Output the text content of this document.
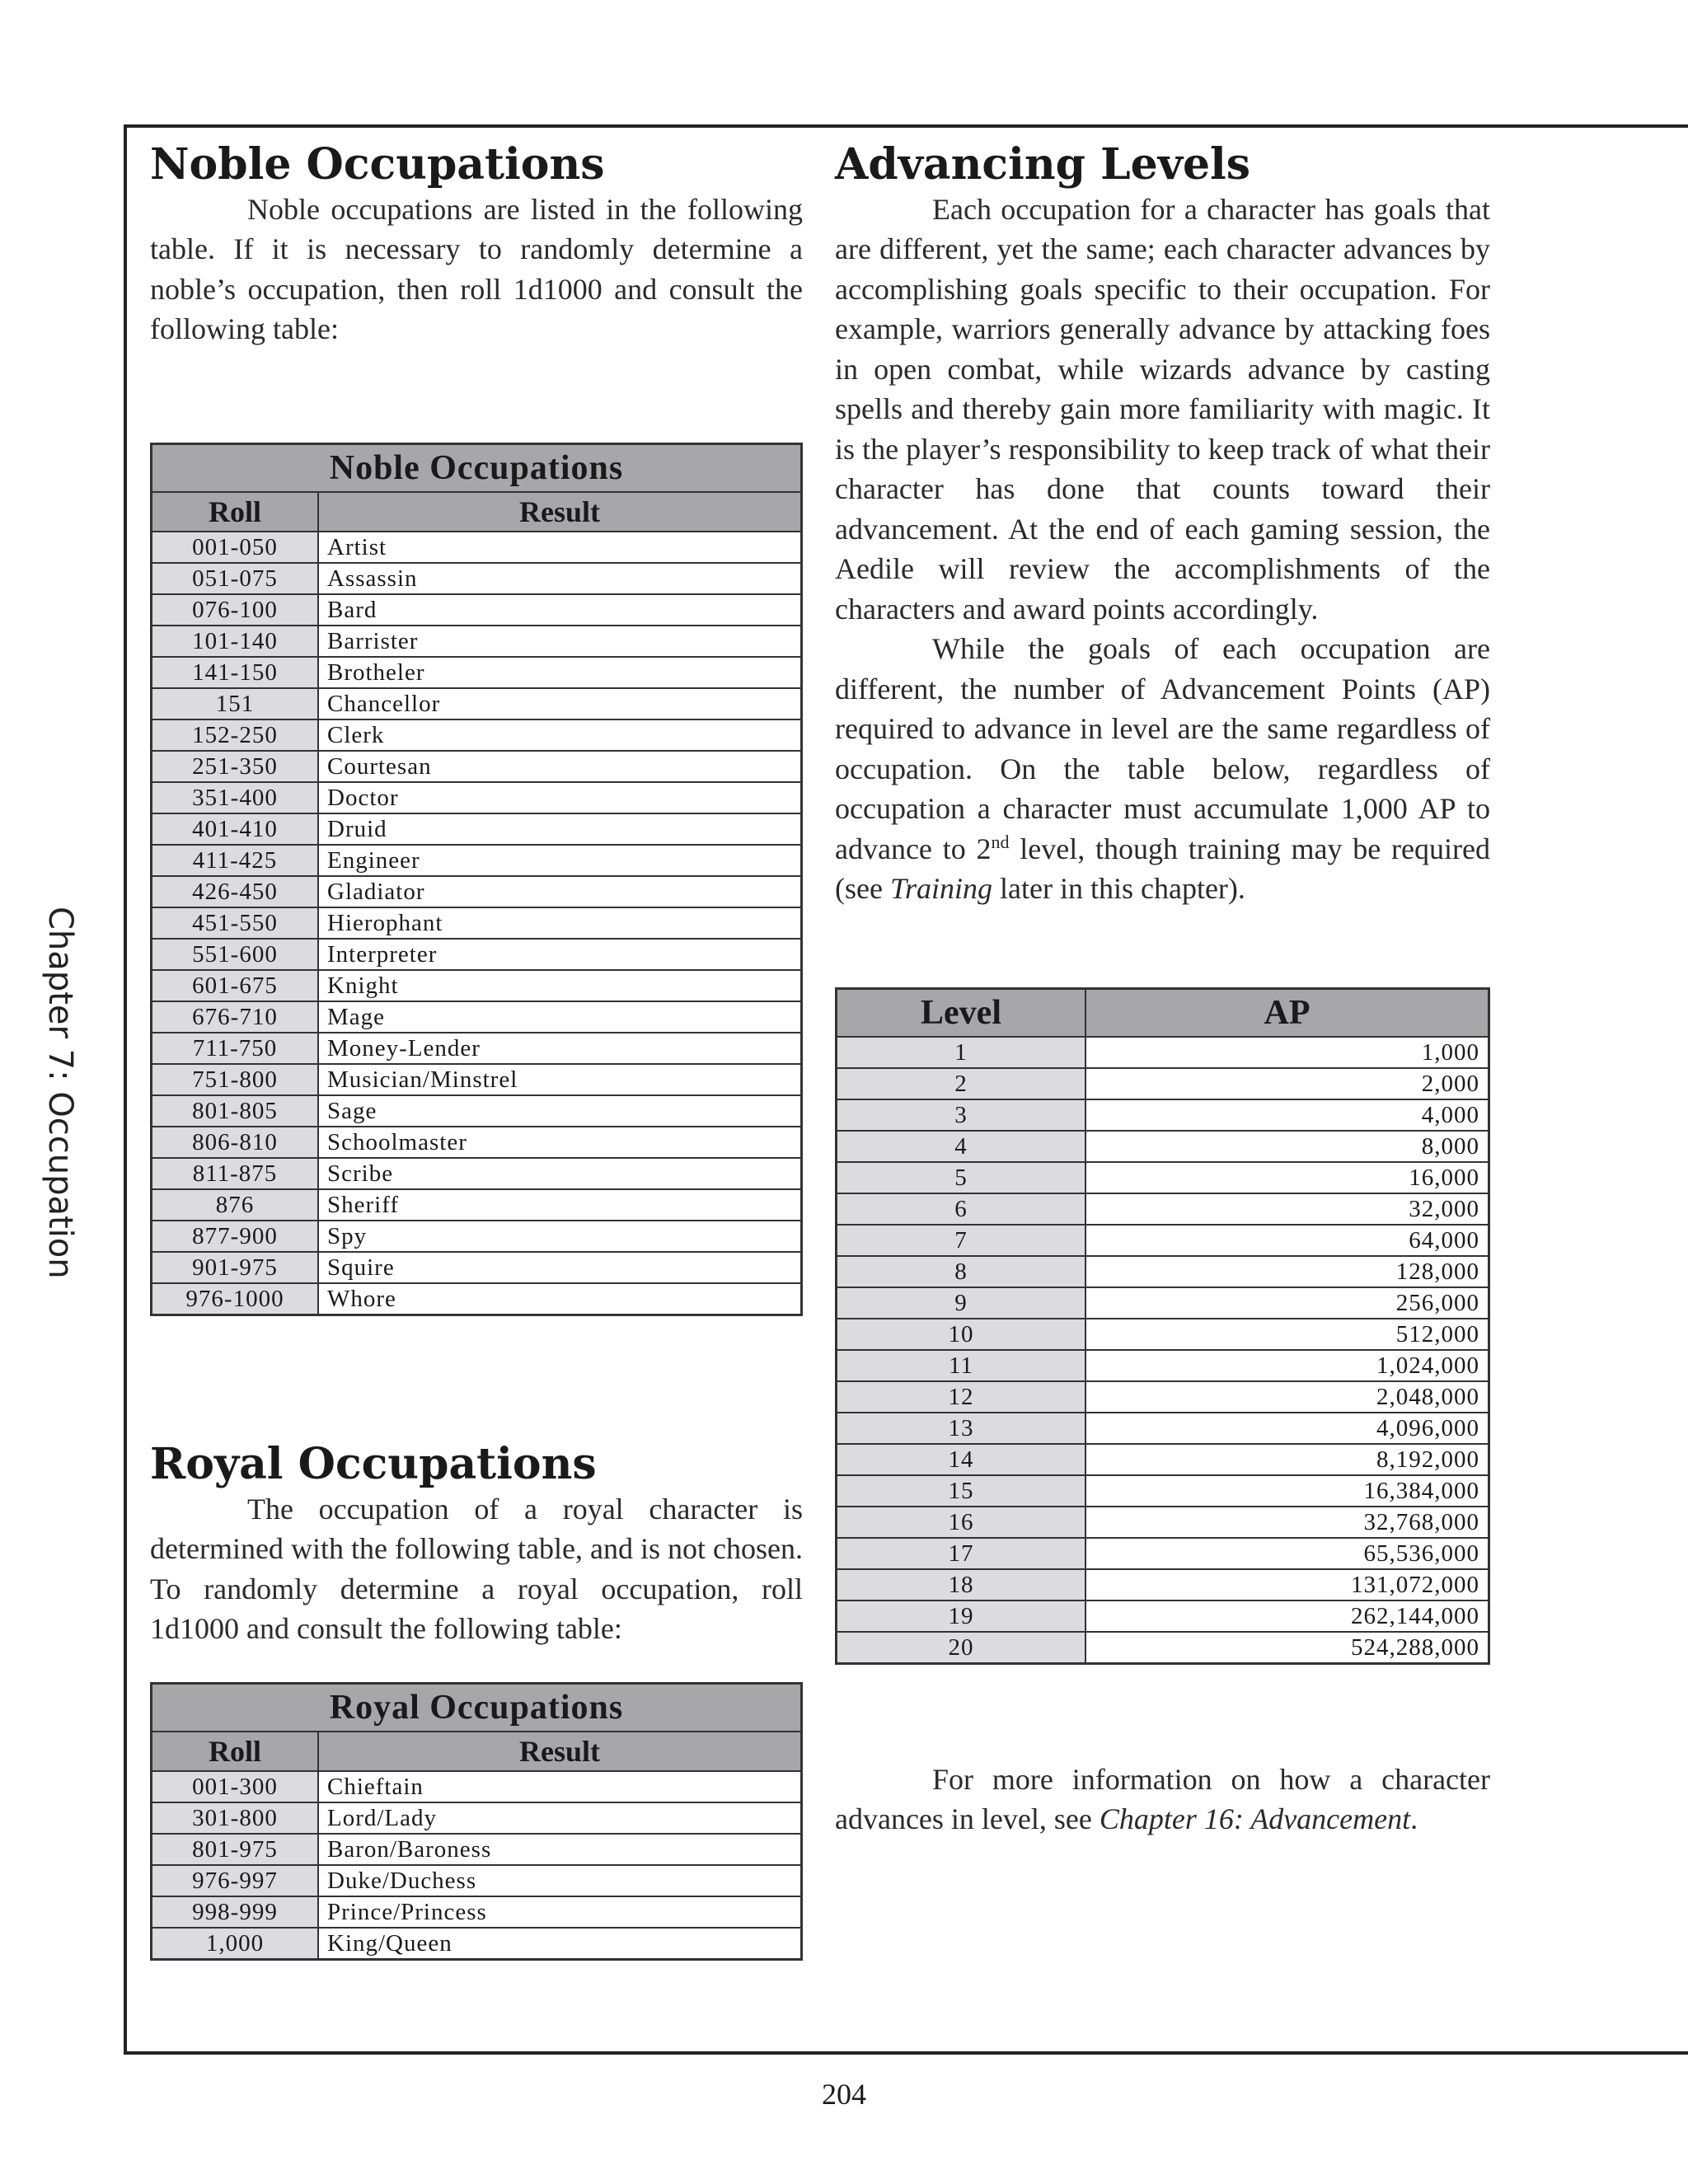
Chapter 7: Occupation
Noble Occupations

Noble occupations are listed in the following table. If it is necessary to randomly determine a noble’s occupation, then roll 1d1000 and consult the following table:

Noble Occupations	
Roll	Result
001-050	Artist
051-075	Assassin
076-100	Bard
101-140	Barrister
141-150	Brotheler
151	Chancellor
152-250	Clerk
251-350	Courtesan
351-400	Doctor
401-410	Druid
411-425	Engineer
426-450	Gladiator
451-550	Hierophant
551-600	Interpreter
601-675	Knight
676-710	Mage
711-750	Money-Lender
751-800	Musician/Minstrel
801-805	Sage
806-810	Schoolmaster
811-875	Scribe
876	Sheriff
877-900	Spy
901-975	Squire
976-1000	Whore
Royal Occupations

The occupation of a royal character is determined with the following table, and is not chosen. To randomly determine a royal occupation, roll 1d1000 and consult the following table:

Royal Occupations	
Roll	Result
001-300	Chieftain
301-800	Lord/Lady
801-975	Baron/Baroness
976-997	Duke/Duchess
998-999	Prince/Princess
1,000	King/Queen
Advancing Levels

Each occupation for a character has goals that are different, yet the same; each character advances by accomplishing goals specific to their occupation. For example, warriors generally advance by attacking foes in open combat, while wizards advance by casting spells and thereby gain more familiarity with magic. It is the player’s responsibility to keep track of what their character has done that counts toward their advancement. At the end of each gaming session, the Aedile will review the accomplishments of the characters and award points accordingly.

While the goals of each occupation are different, the number of Advancement Points (AP) required to advance in level are the same regardless of occupation. On the table below, regardless of occupation a character must accumulate 1,000 AP to advance to 2nd level, though training may be required (see Training later in this chapter).

Level	AP
1	1,000
2	2,000
3	4,000
4	8,000
5	16,000
6	32,000
7	64,000
8	128,000
9	256,000
10	512,000
11	1,024,000
12	2,048,000
13	4,096,000
14	8,192,000
15	16,384,000
16	32,768,000
17	65,536,000
18	131,072,000
19	262,144,000
20	524,288,000

For more information on how a character advances in level, see Chapter 16: Advancement.

204
